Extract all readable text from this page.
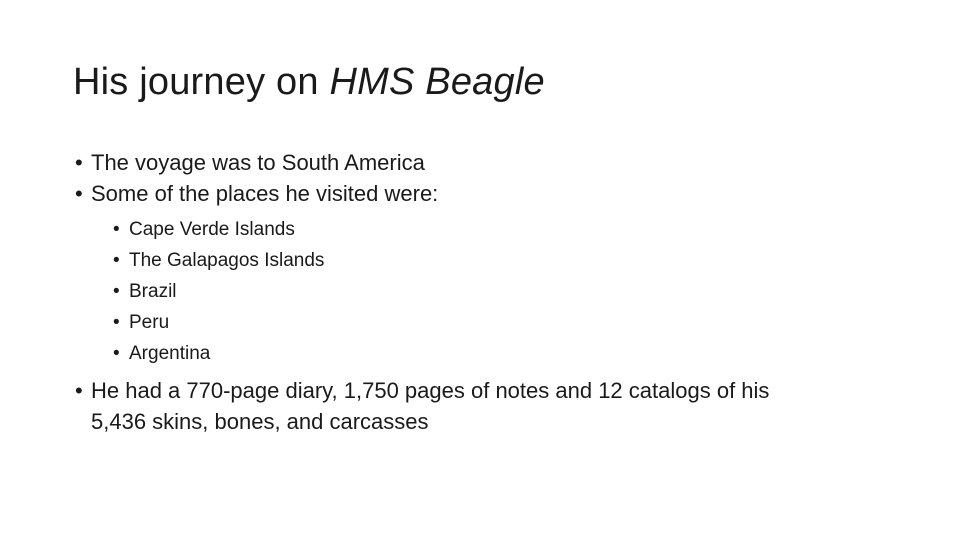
His journey on HMS Beagle
• The voyage was to South America
• Some of the places he visited were:
• Cape Verde Islands
• The Galapagos Islands
• Brazil
• Peru
• Argentina
• He had a 770-page diary, 1,750 pages of notes and 12 catalogs of his
5,436 skins, bones, and carcasses
